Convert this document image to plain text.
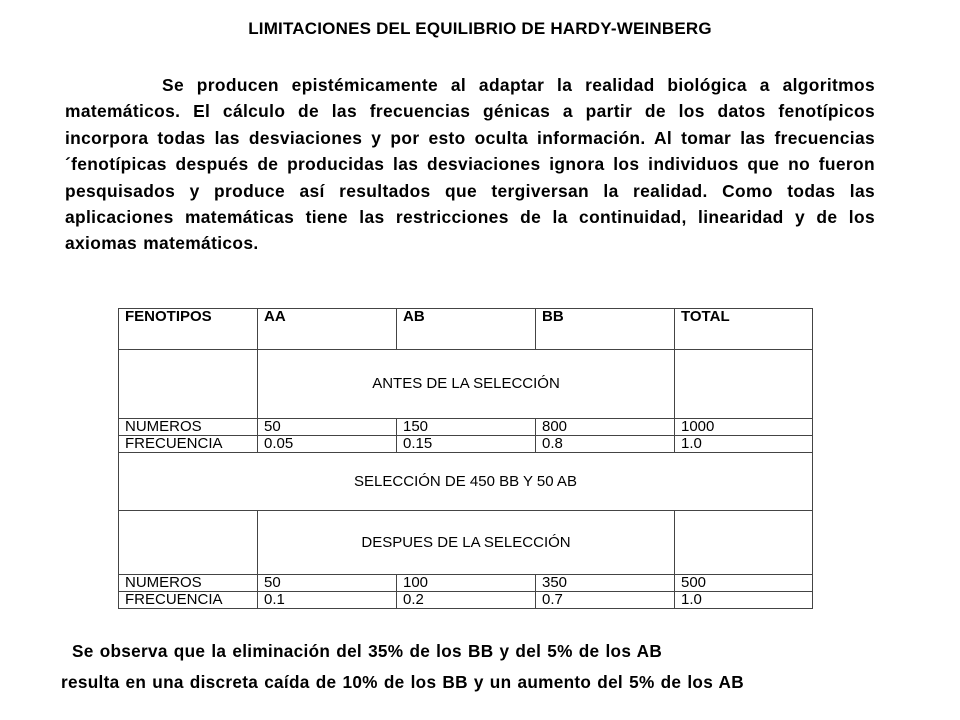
LIMITACIONES DEL EQUILIBRIO DE HARDY-WEINBERG
Se producen epistémicamente al adaptar la realidad biológica a algoritmos matemáticos. El cálculo de las frecuencias génicas a partir de los datos fenotípicos incorpora todas las desviaciones y por esto oculta información. Al tomar las frecuencias ´fenotípicas después de producidas las desviaciones ignora los individuos que no fueron pesquisados y produce así resultados que tergiversan la realidad. Como todas las aplicaciones matemáticas tiene las restricciones de la continuidad, linearidad y de los axiomas matemáticos.
FENOTIPOS	AA	AB	BB	TOTAL
	ANTES DE LA SELECCIÓN			
NUMEROS	50	150	800	1000
FRECUENCIA	0.05	0.15	0.8	1.0
SELECCIÓN DE 450 BB Y 50 AB				
	DESPUES DE LA SELECCIÓN			
NUMEROS	50	100	350	500
FRECUENCIA	0.1	0.2	0.7	1.0
Se observa que la eliminación del 35% de los BB y del 5% de los AB
resulta en una discreta caída de 10% de los BB y un aumento del 5% de los AB
